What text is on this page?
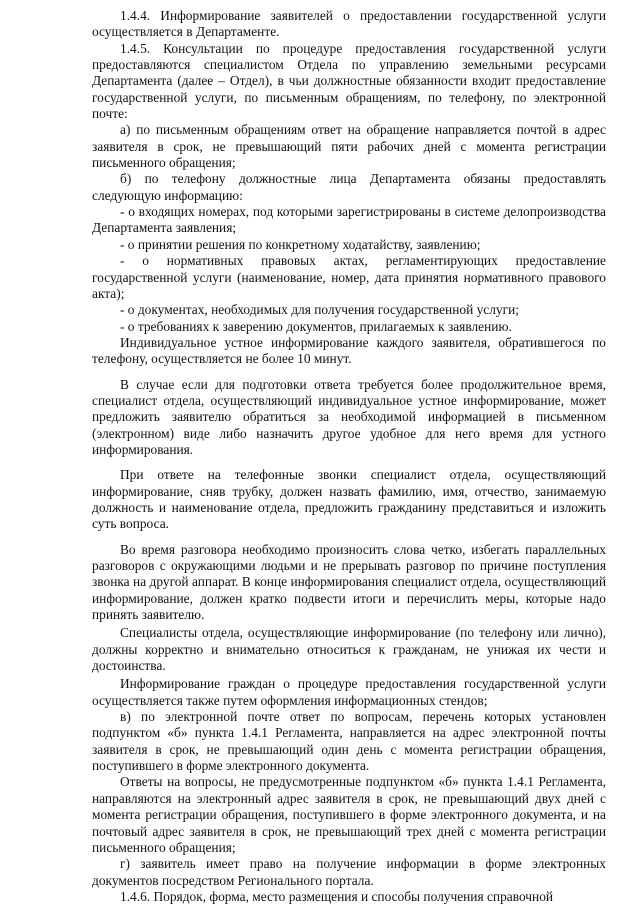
1.4.4. Информирование заявителей о предоставлении государственной услуги осуществляется в Департаменте.

1.4.5. Консультации по процедуре предоставления государственной услуги предоставляются специалистом Отдела по управлению земельными ресурсами Департамента (далее – Отдел), в чьи должностные обязанности входит предоставление государственной услуги, по письменным обращениям, по телефону, по электронной почте:

а) по письменным обращениям ответ на обращение направляется почтой в адрес заявителя в срок, не превышающий пяти рабочих дней с момента регистрации письменного обращения;

б) по телефону должностные лица Департамента обязаны предоставлять следующую информацию:

- о входящих номерах, под которыми зарегистрированы в системе делопроизводства Департамента заявления;

- о принятии решения по конкретному ходатайству, заявлению;

- о нормативных правовых актах, регламентирующих предоставление государственной услуги (наименование, номер, дата принятия нормативного правового акта);

- о документах, необходимых для получения государственной услуги;

- о требованиях к заверению документов, прилагаемых к заявлению.

Индивидуальное устное информирование каждого заявителя, обратившегося по телефону, осуществляется не более 10 минут.

В случае если для подготовки ответа требуется более продолжительное время, специалист отдела, осуществляющий индивидуальное устное информирование, может предложить заявителю обратиться за необходимой информацией в письменном (электронном) виде либо назначить другое удобное для него время для устного информирования.

При ответе на телефонные звонки специалист отдела, осуществляющий информирование, сняв трубку, должен назвать фамилию, имя, отчество, занимаемую должность и наименование отдела, предложить гражданину представиться и изложить суть вопроса.

Во время разговора необходимо произносить слова четко, избегать параллельных разговоров с окружающими людьми и не прерывать разговор по причине поступления звонка на другой аппарат. В конце информирования специалист отдела, осуществляющий информирование, должен кратко подвести итоги и перечислить меры, которые надо принять заявителю.

Специалисты отдела, осуществляющие информирование (по телефону или лично), должны корректно и внимательно относиться к гражданам, не унижая их чести и достоинства.

Информирование граждан о процедуре предоставления государственной услуги осуществляется также путем оформления информационных стендов;

в) по электронной почте ответ по вопросам, перечень которых установлен подпунктом «б» пункта 1.4.1 Регламента, направляется на адрес электронной почты заявителя в срок, не превышающий один день с момента регистрации обращения, поступившего в форме электронного документа.

Ответы на вопросы, не предусмотренные подпунктом «б» пункта 1.4.1 Регламента, направляются на электронный адрес заявителя в срок, не превышающий двух дней с момента регистрации обращения, поступившего в форме электронного документа, и на почтовый адрес заявителя в срок, не превышающий трех дней с момента регистрации письменного обращения;

г) заявитель имеет право на получение информации в форме электронных документов посредством Регионального портала.

1.4.6. Порядок, форма, место размещения и способы получения справочной
